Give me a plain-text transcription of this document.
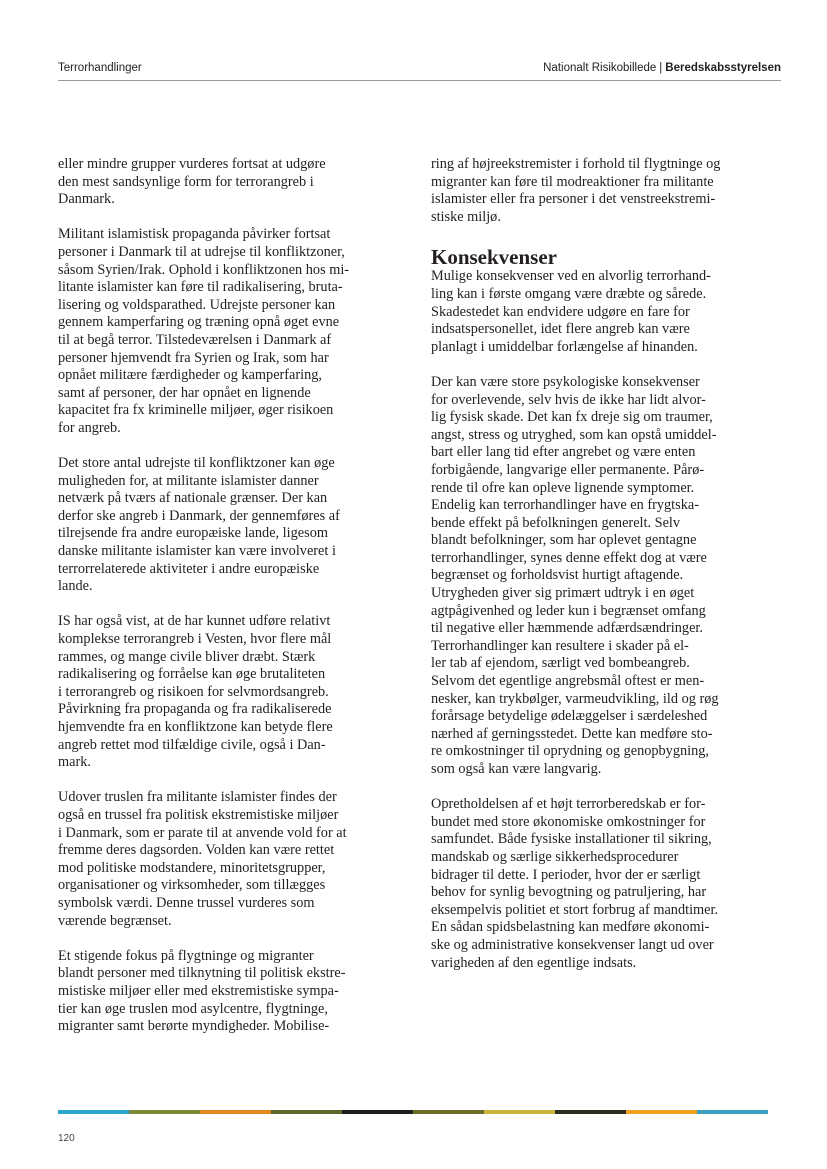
Terrorhandlinger	Nationalt Risikobillede | Beredskabsstyrelsen

eller mindre grupper vurderes fortsat at udgøre
den mest sandsynlige form for terrorangreb i
Danmark.

Militant islamistisk propaganda påvirker fortsat
personer i Danmark til at udrejse til konfliktzoner,
såsom Syrien/Irak. Ophold i konfliktzonen hos mi-
litante islamister kan føre til radikalisering, bruta-
lisering og voldsparathed. Udrejste personer kan
gennem kamperfaring og træning opnå øget evne
til at begå terror. Tilstedeværelsen i Danmark af
personer hjemvendt fra Syrien og Irak, som har
opnået militære færdigheder og kamperfaring,
samt af personer, der har opnået en lignende
kapacitet fra fx kriminelle miljøer, øger risikoen
for angreb.

Det store antal udrejste til konfliktzoner kan øge
muligheden for, at militante islamister danner
netværk på tværs af nationale grænser. Der kan
derfor ske angreb i Danmark, der gennemføres af
tilrejsende fra andre europæiske lande, ligesom
danske militante islamister kan være involveret i
terrorrelaterede aktiviteter i andre europæiske
lande.

IS har også vist, at de har kunnet udføre relativt
komplekse terrorangreb i Vesten, hvor flere mål
rammes, og mange civile bliver dræbt. Stærk
radikalisering og forråelse kan øge brutaliteten
i terrorangreb og risikoen for selvmordsangreb.
Påvirkning fra propaganda og fra radikaliserede
hjemvendte fra en konfliktzone kan betyde flere
angreb rettet mod tilfældige civile, også i Dan-
mark.

Udover truslen fra militante islamister findes der
også en trussel fra politisk ekstremistiske miljøer
i Danmark, som er parate til at anvende vold for at
fremme deres dagsorden. Volden kan være rettet
mod politiske modstandere, minoritetsgrupper,
organisationer og virksomheder, som tillægges
symbolsk værdi. Denne trussel vurderes som
værende begrænset.

Et stigende fokus på flygtninge og migranter
blandt personer med tilknytning til politisk ekstre-
mistiske miljøer eller med ekstremistiske sympa-
tier kan øge truslen mod asylcentre, flygtninge,
migranter samt berørte myndigheder. Mobilise-

ring af højreekstremister i forhold til flygtninge og
migranter kan føre til modreaktioner fra militante
islamister eller fra personer i det venstreekstremi-
stiske miljø.

Konsekvenser

Mulige konsekvenser ved en alvorlig terrorhand-
ling kan i første omgang være dræbte og sårede.
Skadestedet kan endvidere udgøre en fare for
indsatspersonellet, idet flere angreb kan være
planlagt i umiddelbar forlængelse af hinanden.

Der kan være store psykologiske konsekvenser
for overlevende, selv hvis de ikke har lidt alvor-
lig fysisk skade. Det kan fx dreje sig om traumer,
angst, stress og utryghed, som kan opstå umiddel-
bart eller lang tid efter angrebet og være enten
forbigående, langvarige eller permanente. Pårø-
rende til ofre kan opleve lignende symptomer.
Endelig kan terrorhandlinger have en frygtska-
bende effekt på befolkningen generelt. Selv
blandt befolkninger, som har oplevet gentagne
terrorhandlinger, synes denne effekt dog at være
begrænset og forholdsvist hurtigt aftagende.
Utrygheden giver sig primært udtryk i en øget
agtpågivenhed og leder kun i begrænset omfang
til negative eller hæmmende adfærdsændringer.
Terrorhandlinger kan resultere i skader på el-
ler tab af ejendom, særligt ved bombeangreb.
Selvom det egentlige angrebsmål oftest er men-
nesker, kan trykbølger, varmeudvikling, ild og røg
forårsage betydelige ødelæggelser i særdeleshed
nærhed af gerningsstedet. Dette kan medføre sto-
re omkostninger til oprydning og genopbygning,
som også kan være langvarig.

Opretholdelsen af et højt terrorberedskab er for-
bundet med store økonomiske omkostninger for
samfundet. Både fysiske installationer til sikring,
mandskab og særlige sikkerhedsprocedurer
bidrager til dette. I perioder, hvor der er særligt
behov for synlig bevogtning og patruljering, har
eksempelvis politiet et stort forbrug af mandtimer.
En sådan spidsbelastning kan medføre økonomi-
ske og administrative konsekvenser langt ud over
varigheden af den egentlige indsats.

120
